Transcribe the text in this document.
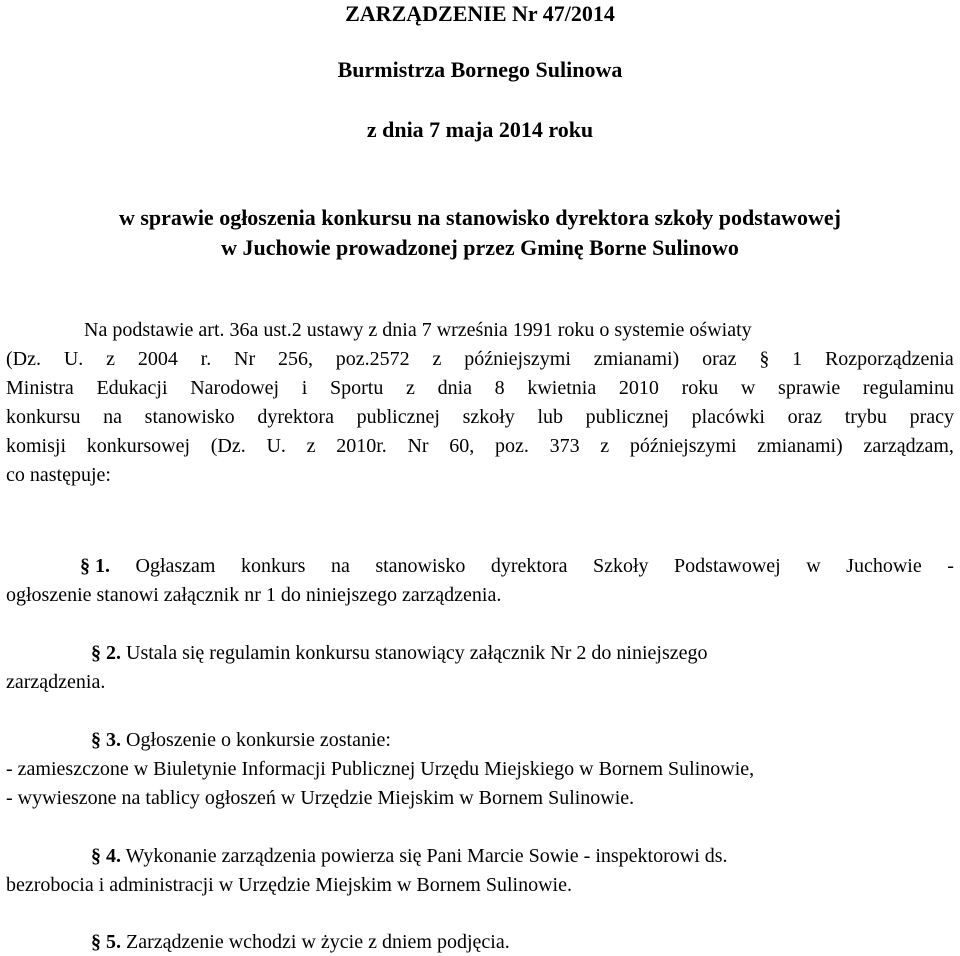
ZARZĄDZENIE Nr 47/2014
Burmistrza Bornego Sulinowa
z dnia 7 maja 2014 roku
w sprawie ogłoszenia konkursu na stanowisko dyrektora szkoły podstawowej
w Juchowie prowadzonej przez Gminę Borne Sulinowo
Na podstawie art. 36a ust.2 ustawy z dnia 7 września 1991 roku o systemie oświaty
(Dz. U. z 2004 r. Nr 256, poz.2572 z późniejszymi zmianami) oraz § 1 Rozporządzenia
Ministra Edukacji Narodowej i Sportu z dnia 8 kwietnia 2010 roku w sprawie regulaminu
konkursu na stanowisko dyrektora publicznej szkoły lub publicznej placówki oraz trybu pracy
komisji konkursowej (Dz. U. z 2010r. Nr 60, poz. 373 z późniejszymi zmianami) zarządzam,
co następuje:
§ 1. Ogłaszam konkurs na stanowisko dyrektora Szkoły Podstawowej w Juchowie -
ogłoszenie stanowi załącznik nr 1 do niniejszego zarządzenia.
§ 2. Ustala się regulamin konkursu stanowiący załącznik Nr 2 do niniejszego
zarządzenia.
§ 3. Ogłoszenie o konkursie zostanie:
- zamieszczone w Biuletynie Informacji Publicznej Urzędu Miejskiego w Bornem Sulinowie,
- wywieszone na tablicy ogłoszeń w Urzędzie Miejskim w Bornem Sulinowie.
§ 4. Wykonanie zarządzenia powierza się Pani Marcie Sowie - inspektorowi ds.
bezrobocia i administracji w Urzędzie Miejskim w Bornem Sulinowie.
§ 5. Zarządzenie wchodzi w życie z dniem podjęcia.
